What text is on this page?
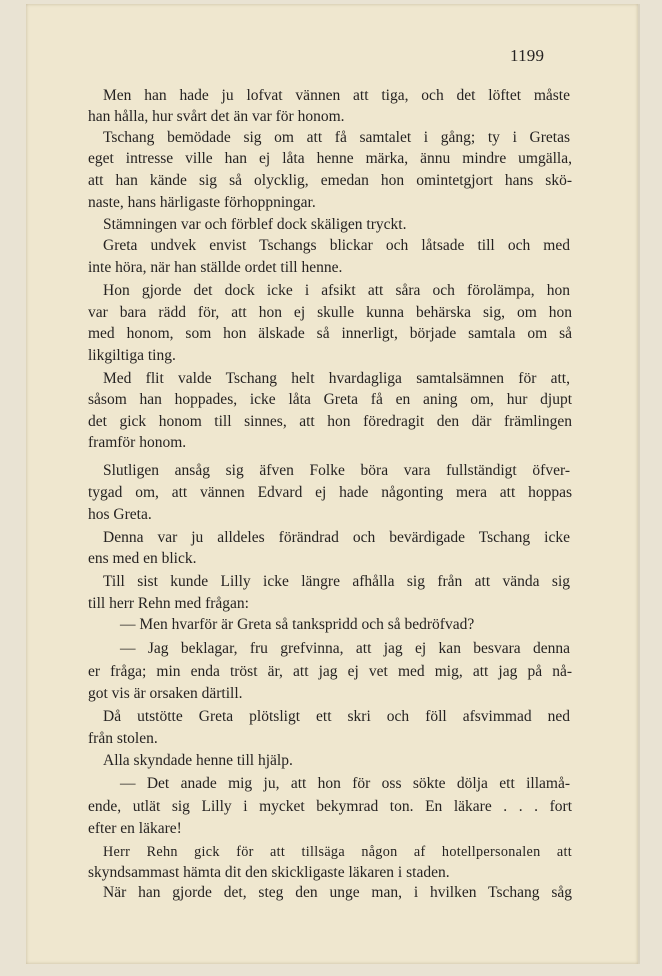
1199
Men han hade ju lofvat vännen att tiga, och det löftet måste
han hålla, hur svårt det än var för honom.
Tschang bemödade sig om att få samtalet i gång; ty i Gretas
eget intresse ville han ej låta henne märka, ännu mindre umgälla,
att han kände sig så olycklig, emedan hon omintetgjort hans skö-
naste, hans härligaste förhoppningar.
Stämningen var och förblef dock skäligen tryckt.
Greta undvek envist Tschangs blickar och låtsade till och med
inte höra, när han ställde ordet till henne.
Hon gjorde det dock icke i afsikt att såra och förolämpa, hon
var bara rädd för, att hon ej skulle kunna behärska sig, om hon
med honom, som hon älskade så innerligt, började samtala om så
likgiltiga ting.
Med flit valde Tschang helt hvardagliga samtalsämnen för att,
såsom han hoppades, icke låta Greta få en aning om, hur djupt
det gick honom till sinnes, att hon föredragit den där främlingen
framför honom.
Slutligen ansåg sig äfven Folke böra vara fullständigt öfver-
tygad om, att vännen Edvard ej hade någonting mera att hoppas
hos Greta.
Denna var ju alldeles förändrad och bevärdigade Tschang icke
ens med en blick.
Till sist kunde Lilly icke längre afhålla sig från att vända sig
till herr Rehn med frågan:
— Men hvarför är Greta så tankspridd och så bedröfvad?
— Jag beklagar, fru grefvinna, att jag ej kan besvara denna
er fråga; min enda tröst är, att jag ej vet med mig, att jag på nå-
got vis är orsaken därtill.
Då utstötte Greta plötsligt ett skri och föll afsvimmad ned
från stolen.
Alla skyndade henne till hjälp.
— Det anade mig ju, att hon för oss sökte dölja ett illamå-
ende, utlät sig Lilly i mycket bekymrad ton. En läkare . . . fort
efter en läkare!
Herr Rehn gick för att tillsäga någon af hotellpersonalen att
skyndsammast hämta dit den skickligaste läkaren i staden.
När han gjorde det, steg den unge man, i hvilken Tschang såg
